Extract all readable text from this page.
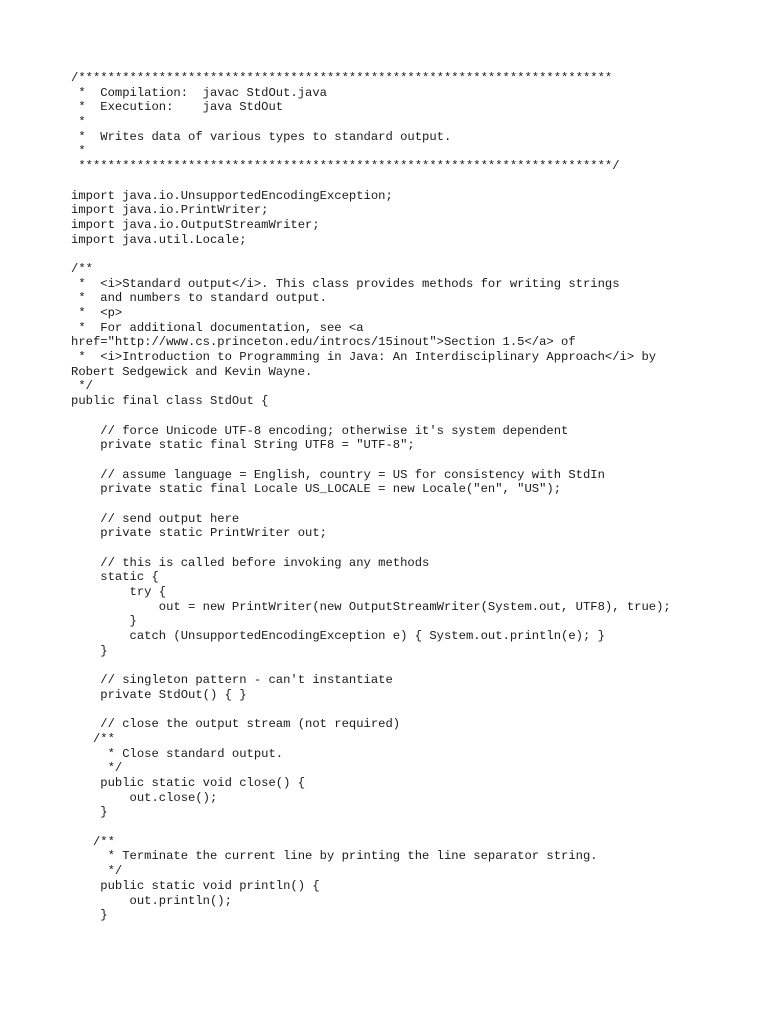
/*************************************************************************
*  Compilation:  javac StdOut.java
*  Execution:    java StdOut
*
*  Writes data of various types to standard output.
*
*************************************************************************/
import java.io.UnsupportedEncodingException;
import java.io.PrintWriter;
import java.io.OutputStreamWriter;
import java.util.Locale;
/**
*  <i>Standard output</i>. This class provides methods for writing strings
*  and numbers to standard output.
*  <p>
*  For additional documentation, see <a
href="http://www.cs.princeton.edu/introcs/15inout">Section 1.5</a> of
*  <i>Introduction to Programming in Java: An Interdisciplinary Approach</i> by
Robert Sedgewick and Kevin Wayne.
*/
public final class StdOut {
// force Unicode UTF-8 encoding; otherwise it's system dependent
private static final String UTF8 = "UTF-8";
// assume language = English, country = US for consistency with StdIn
private static final Locale US_LOCALE = new Locale("en", "US");
// send output here
private static PrintWriter out;
// this is called before invoking any methods
static {
try {
out = new PrintWriter(new OutputStreamWriter(System.out, UTF8), true);
}
catch (UnsupportedEncodingException e) { System.out.println(e); }
}
// singleton pattern - can't instantiate
private StdOut() { }
// close the output stream (not required)
/**
* Close standard output.
*/
public static void close() {
out.close();
}
/**
* Terminate the current line by printing the line separator string.
*/
public static void println() {
out.println();
}
